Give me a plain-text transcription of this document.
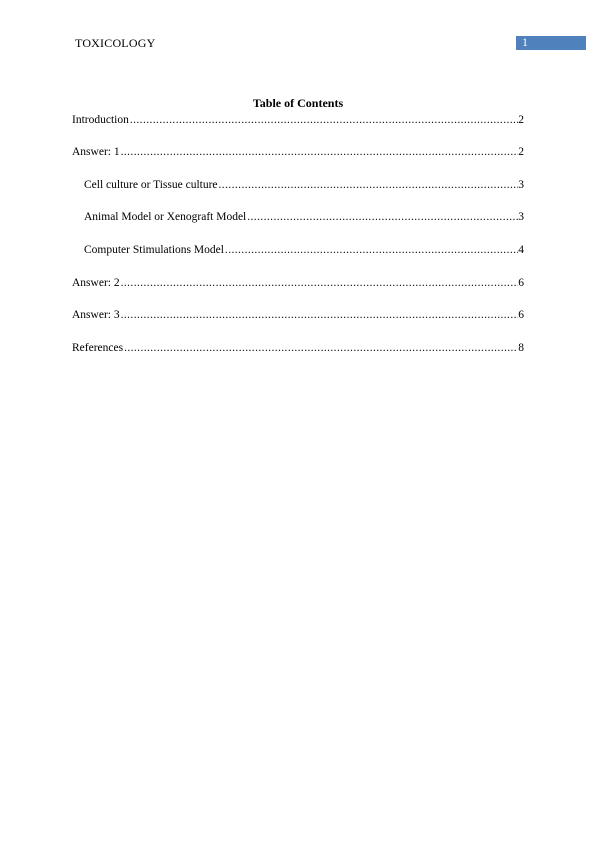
TOXICOLOGY	1
Table of Contents
Introduction .....	2
Answer: 1 .....	2
Cell culture or Tissue culture .....	3
Animal Model or Xenograft Model .....	3
Computer Stimulations Model .....	4
Answer: 2 .....	6
Answer: 3 .....	6
References .....	8
